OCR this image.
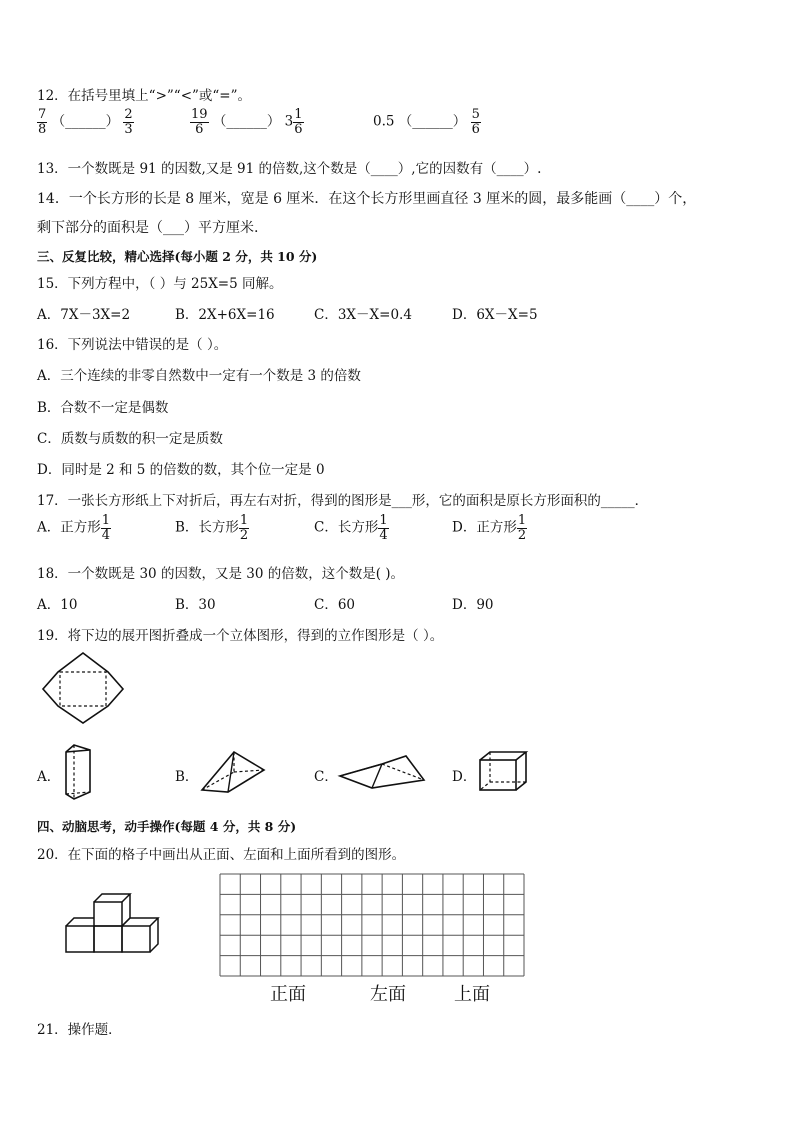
12．在括号里填上“>”“<”或“=”。
$\frac{7}{8}$ （______） $\frac{2}{3}$	$\frac{19}{6}$ （______） $3 \frac{1}{6}$	0.5 （______） $\frac{5}{6}$
13．一个数既是 91 的因数,又是 91 的倍数,这个数是（____）,它的因数有（____）.
14．一个长方形的长是 8 厘米，宽是 6 厘米．在这个长方形里画直径 3 厘米的圆，最多能画（____）个，
剩下部分的面积是（___）平方厘米.
三、反复比较，精心选择(每小题 2 分，共 10 分)
15．下列方程中，（ ）与 25X=5 同解。
A．7X－3X=2	B．2X+6X=16	C．3X－X=0.4	D．6X－X=5
16．下列说法中错误的是（ ）。
A．三个连续的非零自然数中一定有一个数是 3 的倍数
B．合数不一定是偶数
C．质数与质数的积一定是质数
D．同时是 2 和 5 的倍数的数，其个位一定是 0
17．一张长方形纸上下对折后，再左右对折，得到的图形是___形，它的面积是原长方形面积的_____．
A．正方形 $\frac{1}{4}$	B．长方形 $\frac{1}{2}$	C．长方形 $\frac{1}{4}$	D．正方形 $\frac{1}{2}$
18．一个数既是 30 的因数，又是 30 的倍数，这个数是( )。
A．10	B．30	C．60	D．90
19．将下边的展开图折叠成一个立体图形，得到的立作图形是（ ）。
A．	B．	C．	D．
四、动脑思考，动手操作(每题 4 分，共 8 分)
20．在下面的格子中画出从正面、左面和上面所看到的图形。
正面	左面	上面
21．操作题．
